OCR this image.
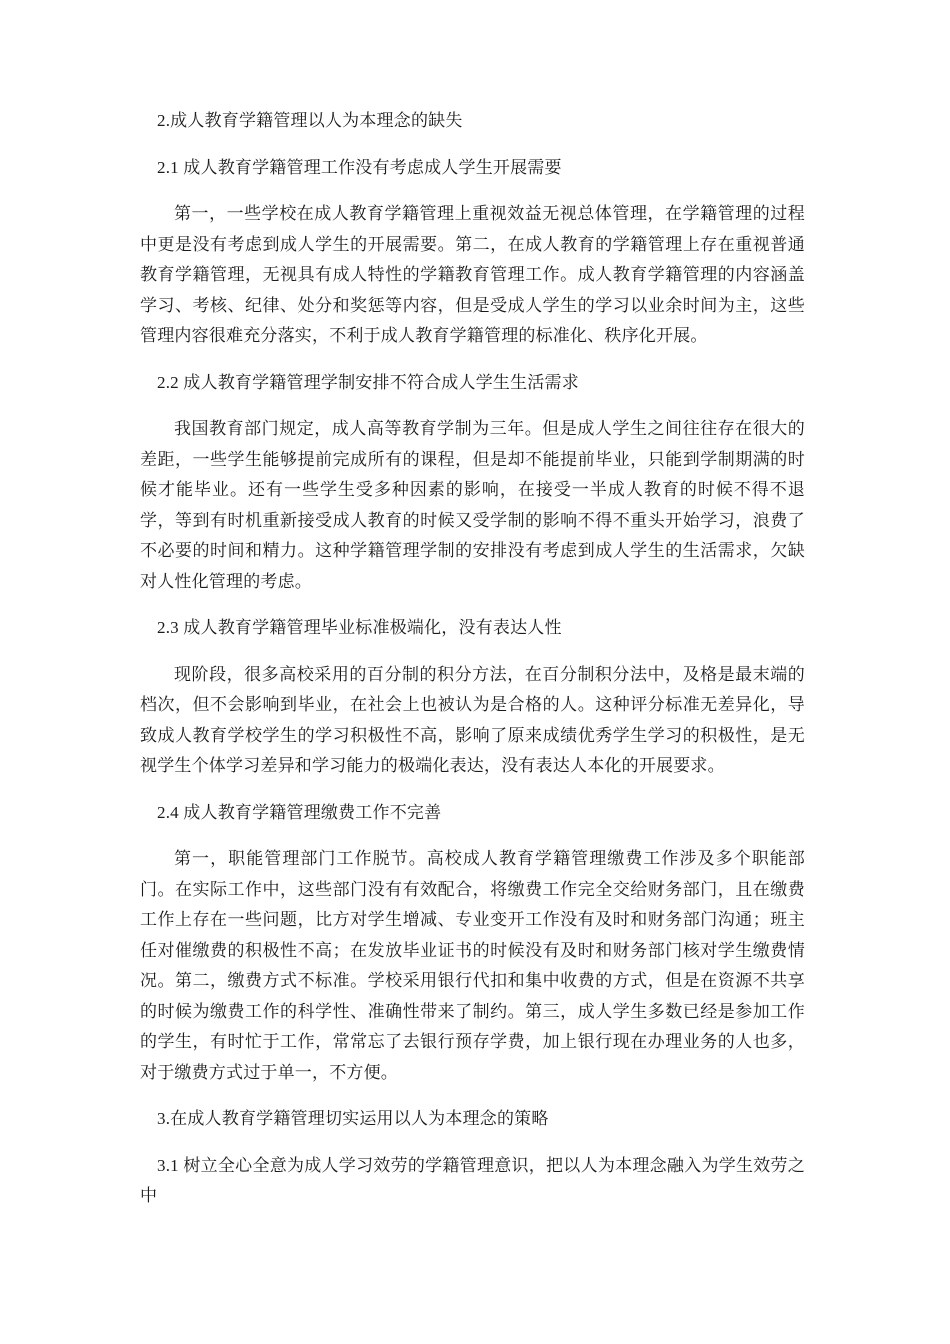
2.成人教育学籍管理以人为本理念的缺失

2.1 成人教育学籍管理工作没有考虑成人学生开展需要

第一，一些学校在成人教育学籍管理上重视效益无视总体管理，在学籍管理的过程中更是没有考虑到成人学生的开展需要。第二，在成人教育的学籍管理上存在重视普通教育学籍管理，无视具有成人特性的学籍教育管理工作。成人教育学籍管理的内容涵盖学习、考核、纪律、处分和奖惩等内容，但是受成人学生的学习以业余时间为主，这些管理内容很难充分落实，不利于成人教育学籍管理的标准化、秩序化开展。

2.2 成人教育学籍管理学制安排不符合成人学生生活需求

我国教育部门规定，成人高等教育学制为三年。但是成人学生之间往往存在很大的差距，一些学生能够提前完成所有的课程，但是却不能提前毕业，只能到学制期满的时候才能毕业。还有一些学生受多种因素的影响，在接受一半成人教育的时候不得不退学，等到有时机重新接受成人教育的时候又受学制的影响不得不重头开始学习，浪费了不必要的时间和精力。这种学籍管理学制的安排没有考虑到成人学生的生活需求，欠缺对人性化管理的考虑。

2.3 成人教育学籍管理毕业标准极端化，没有表达人性

现阶段，很多高校采用的百分制的积分方法，在百分制积分法中，及格是最末端的档次，但不会影响到毕业，在社会上也被认为是合格的人。这种评分标准无差异化，导致成人教育学校学生的学习积极性不高，影响了原来成绩优秀学生学习的积极性，是无视学生个体学习差异和学习能力的极端化表达，没有表达人本化的开展要求。

2.4 成人教育学籍管理缴费工作不完善

第一，职能管理部门工作脱节。高校成人教育学籍管理缴费工作涉及多个职能部门。在实际工作中，这些部门没有有效配合，将缴费工作完全交给财务部门，且在缴费工作上存在一些问题，比方对学生增减、专业变开工作没有及时和财务部门沟通；班主任对催缴费的积极性不高；在发放毕业证书的时候没有及时和财务部门核对学生缴费情况。第二，缴费方式不标准。学校采用银行代扣和集中收费的方式，但是在资源不共享的时候为缴费工作的科学性、准确性带来了制约。第三，成人学生多数已经是参加工作的学生，有时忙于工作，常常忘了去银行预存学费，加上银行现在办理业务的人也多，对于缴费方式过于单一，不方便。

3.在成人教育学籍管理切实运用以人为本理念的策略

3.1 树立全心全意为成人学习效劳的学籍管理意识，把以人为本理念融入为学生效劳之中
